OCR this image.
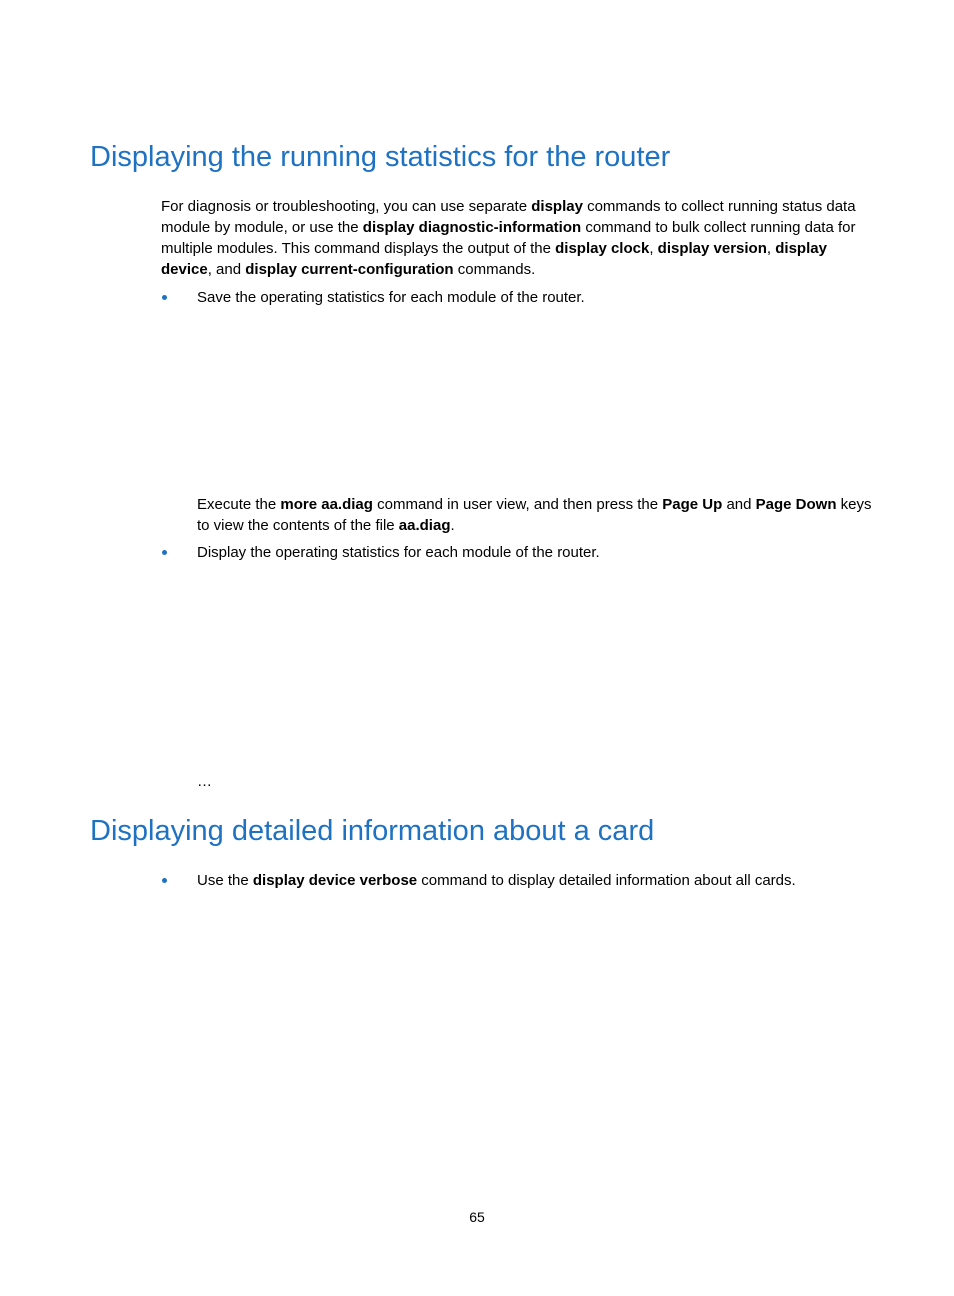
Displaying the running statistics for the router

For diagnosis or troubleshooting, you can use separate display commands to collect running status data module by module, or use the display diagnostic-information command to bulk collect running data for multiple modules. This command displays the output of the display clock, display version, display device, and display current-configuration commands.

Save the operating statistics for each module of the router.

Execute the more aa.diag command in user view, and then press the Page Up and Page Down keys to view the contents of the file aa.diag.

Display the operating statistics for each module of the router.
…
Displaying detailed information about a card
Use the display device verbose command to display detailed information about all cards.
65
